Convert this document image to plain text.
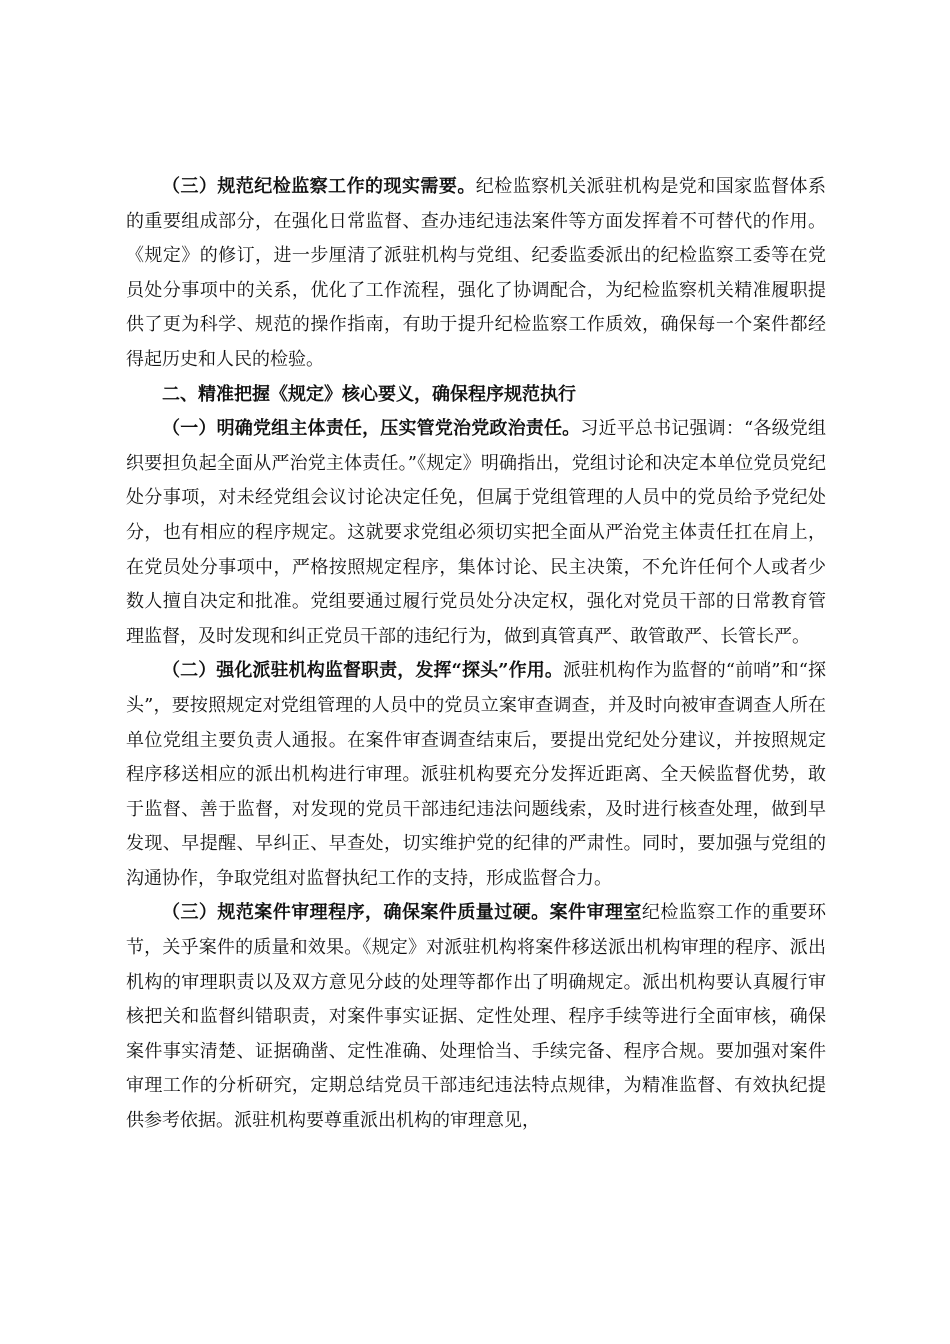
（三）规范纪检监察工作的现实需要。纪检监察机关派驻机构是党和国家监督体系的重要组成部分，在强化日常监督、查办违纪违法案件等方面发挥着不可替代的作用。《规定》的修订，进一步厘清了派驻机构与党组、纪委监委派出的纪检监察工委等在党员处分事项中的关系，优化了工作流程，强化了协调配合，为纪检监察机关精准履职提供了更为科学、规范的操作指南，有助于提升纪检监察工作质效，确保每一个案件都经得起历史和人民的检验。

二、精准把握《规定》核心要义，确保程序规范执行

（一）明确党组主体责任，压实管党治党政治责任。习近平总书记强调：“各级党组织要担负起全面从严治党主体责任。”《规定》明确指出，党组讨论和决定本单位党员党纪处分事项，对未经党组会议讨论决定任免，但属于党组管理的人员中的党员给予党纪处分，也有相应的程序规定。这就要求党组必须切实把全面从严治党主体责任扛在肩上，在党员处分事项中，严格按照规定程序，集体讨论、民主决策，不允许任何个人或者少数人擅自决定和批准。党组要通过履行党员处分决定权，强化对党员干部的日常教育管理监督，及时发现和纠正党员干部的违纪行为，做到真管真严、敢管敢严、长管长严。

（二）强化派驻机构监督职责，发挥“探头”作用。派驻机构作为监督的“前哨”和“探头”，要按照规定对党组管理的人员中的党员立案审查调查，并及时向被审查调查人所在单位党组主要负责人通报。在案件审查调查结束后，要提出党纪处分建议，并按照规定程序移送相应的派出机构进行审理。派驻机构要充分发挥近距离、全天候监督优势，敢于监督、善于监督，对发现的党员干部违纪违法问题线索，及时进行核查处理，做到早发现、早提醒、早纠正、早查处，切实维护党的纪律的严肃性。同时，要加强与党组的沟通协作，争取党组对监督执纪工作的支持，形成监督合力。

（三）规范案件审理程序，确保案件质量过硬。案件审理室纪检监察工作的重要环节，关乎案件的质量和效果。《规定》对派驻机构将案件移送派出机构审理的程序、派出机构的审理职责以及双方意见分歧的处理等都作出了明确规定。派出机构要认真履行审核把关和监督纠错职责，对案件事实证据、定性处理、程序手续等进行全面审核，确保案件事实清楚、证据确凿、定性准确、处理恰当、手续完备、程序合规。要加强对案件审理工作的分析研究，定期总结党员干部违纪违法特点规律，为精准监督、有效执纪提供参考依据。派驻机构要尊重派出机构的审理意见，
